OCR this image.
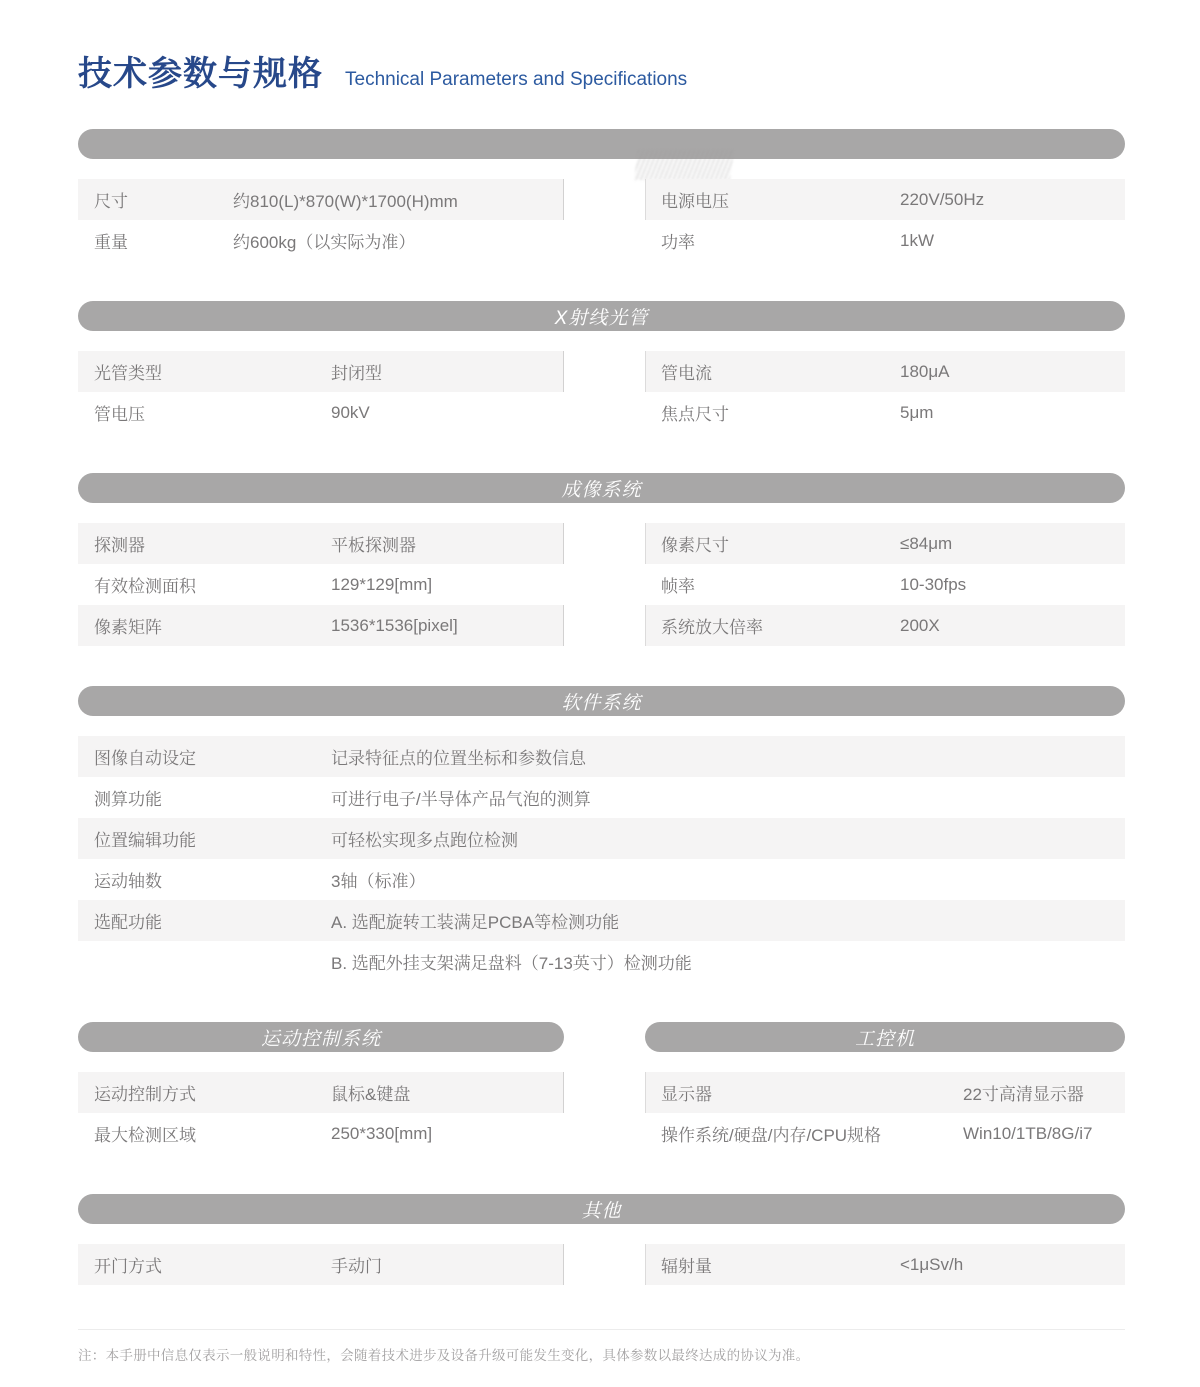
技术参数与规格 Technical Parameters and Specifications
尺寸	约810(L)*870(W)*1700(H)mm
重量	约600kg（以实际为准）
电源电压	220V/50Hz
功率	1kW
X射线光管
光管类型	封闭型
管电压	90kV
管电流	180μA
焦点尺寸	5μm
成像系统
探测器	平板探测器
有效检测面积	129*129[mm]
像素矩阵	1536*1536[pixel]
像素尺寸	≤84μm
帧率	10-30fps
系统放大倍率	200X
软件系统
图像自动设定	记录特征点的位置坐标和参数信息
测算功能	可进行电子/半导体产品气泡的测算
位置编辑功能	可轻松实现多点跑位检测
运动轴数	3轴（标准）
选配功能	A. 选配旋转工装满足PCBA等检测功能
B. 选配外挂支架满足盘料（7-13英寸）检测功能
运动控制系统
运动控制方式	鼠标&键盘
最大检测区域	250*330[mm]
工控机
显示器	22寸高清显示器
操作系统/硬盘/内存/CPU规格	Win10/1TB/8G/i7
其他
开门方式	手动门	辐射量	<1μSv/h
注：本手册中信息仅表示一般说明和特性，会随着技术进步及设备升级可能发生变化，具体参数以最终达成的协议为准。
